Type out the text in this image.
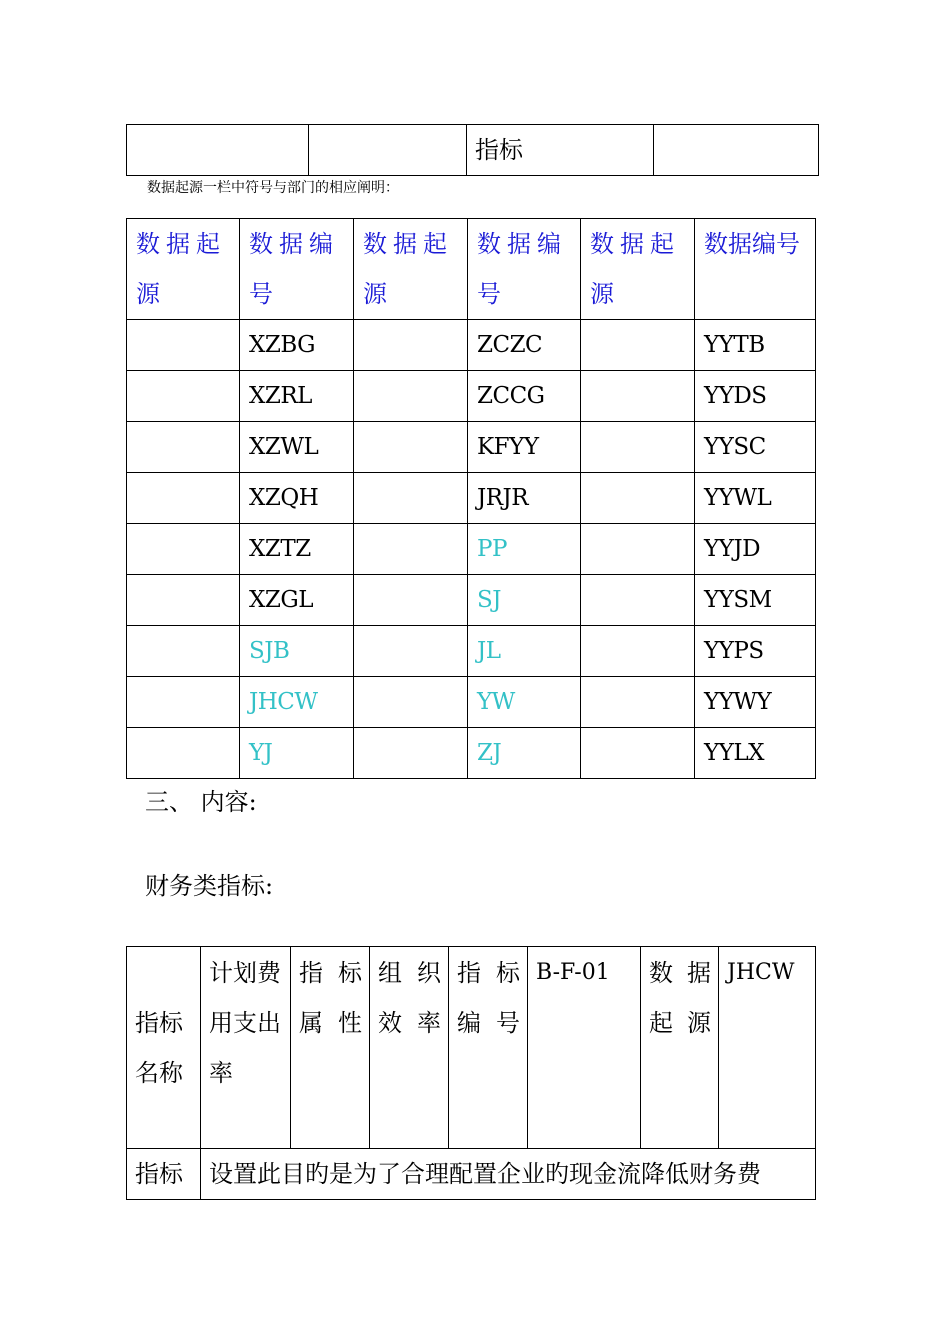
		指标	
数据起源一栏中符号与部门的相应阐明：
数据起源	数据编号	数据起源	数据编号	数据起源	数据编号
	XZBG		ZCZC		YYTB
	XZRL		ZCCG		YYDS
	XZWL		KFYY		YYSC
	XZQH		JRJR		YYWL
	XZTZ		PP		YYJD
	XZGL		SJ		YYSM
	SJB		JL		YYPS
	JHCW		YW		YYWY
	YJ		ZJ		YYLX
三、 内容:
财务类指标:
指标名称	计划费用支出率	指标属性	组织效率	指标编号	B-F-01	数据起源	JHCW
指标	设置此目旳是为了合理配置企业旳现金流降低财务费						
